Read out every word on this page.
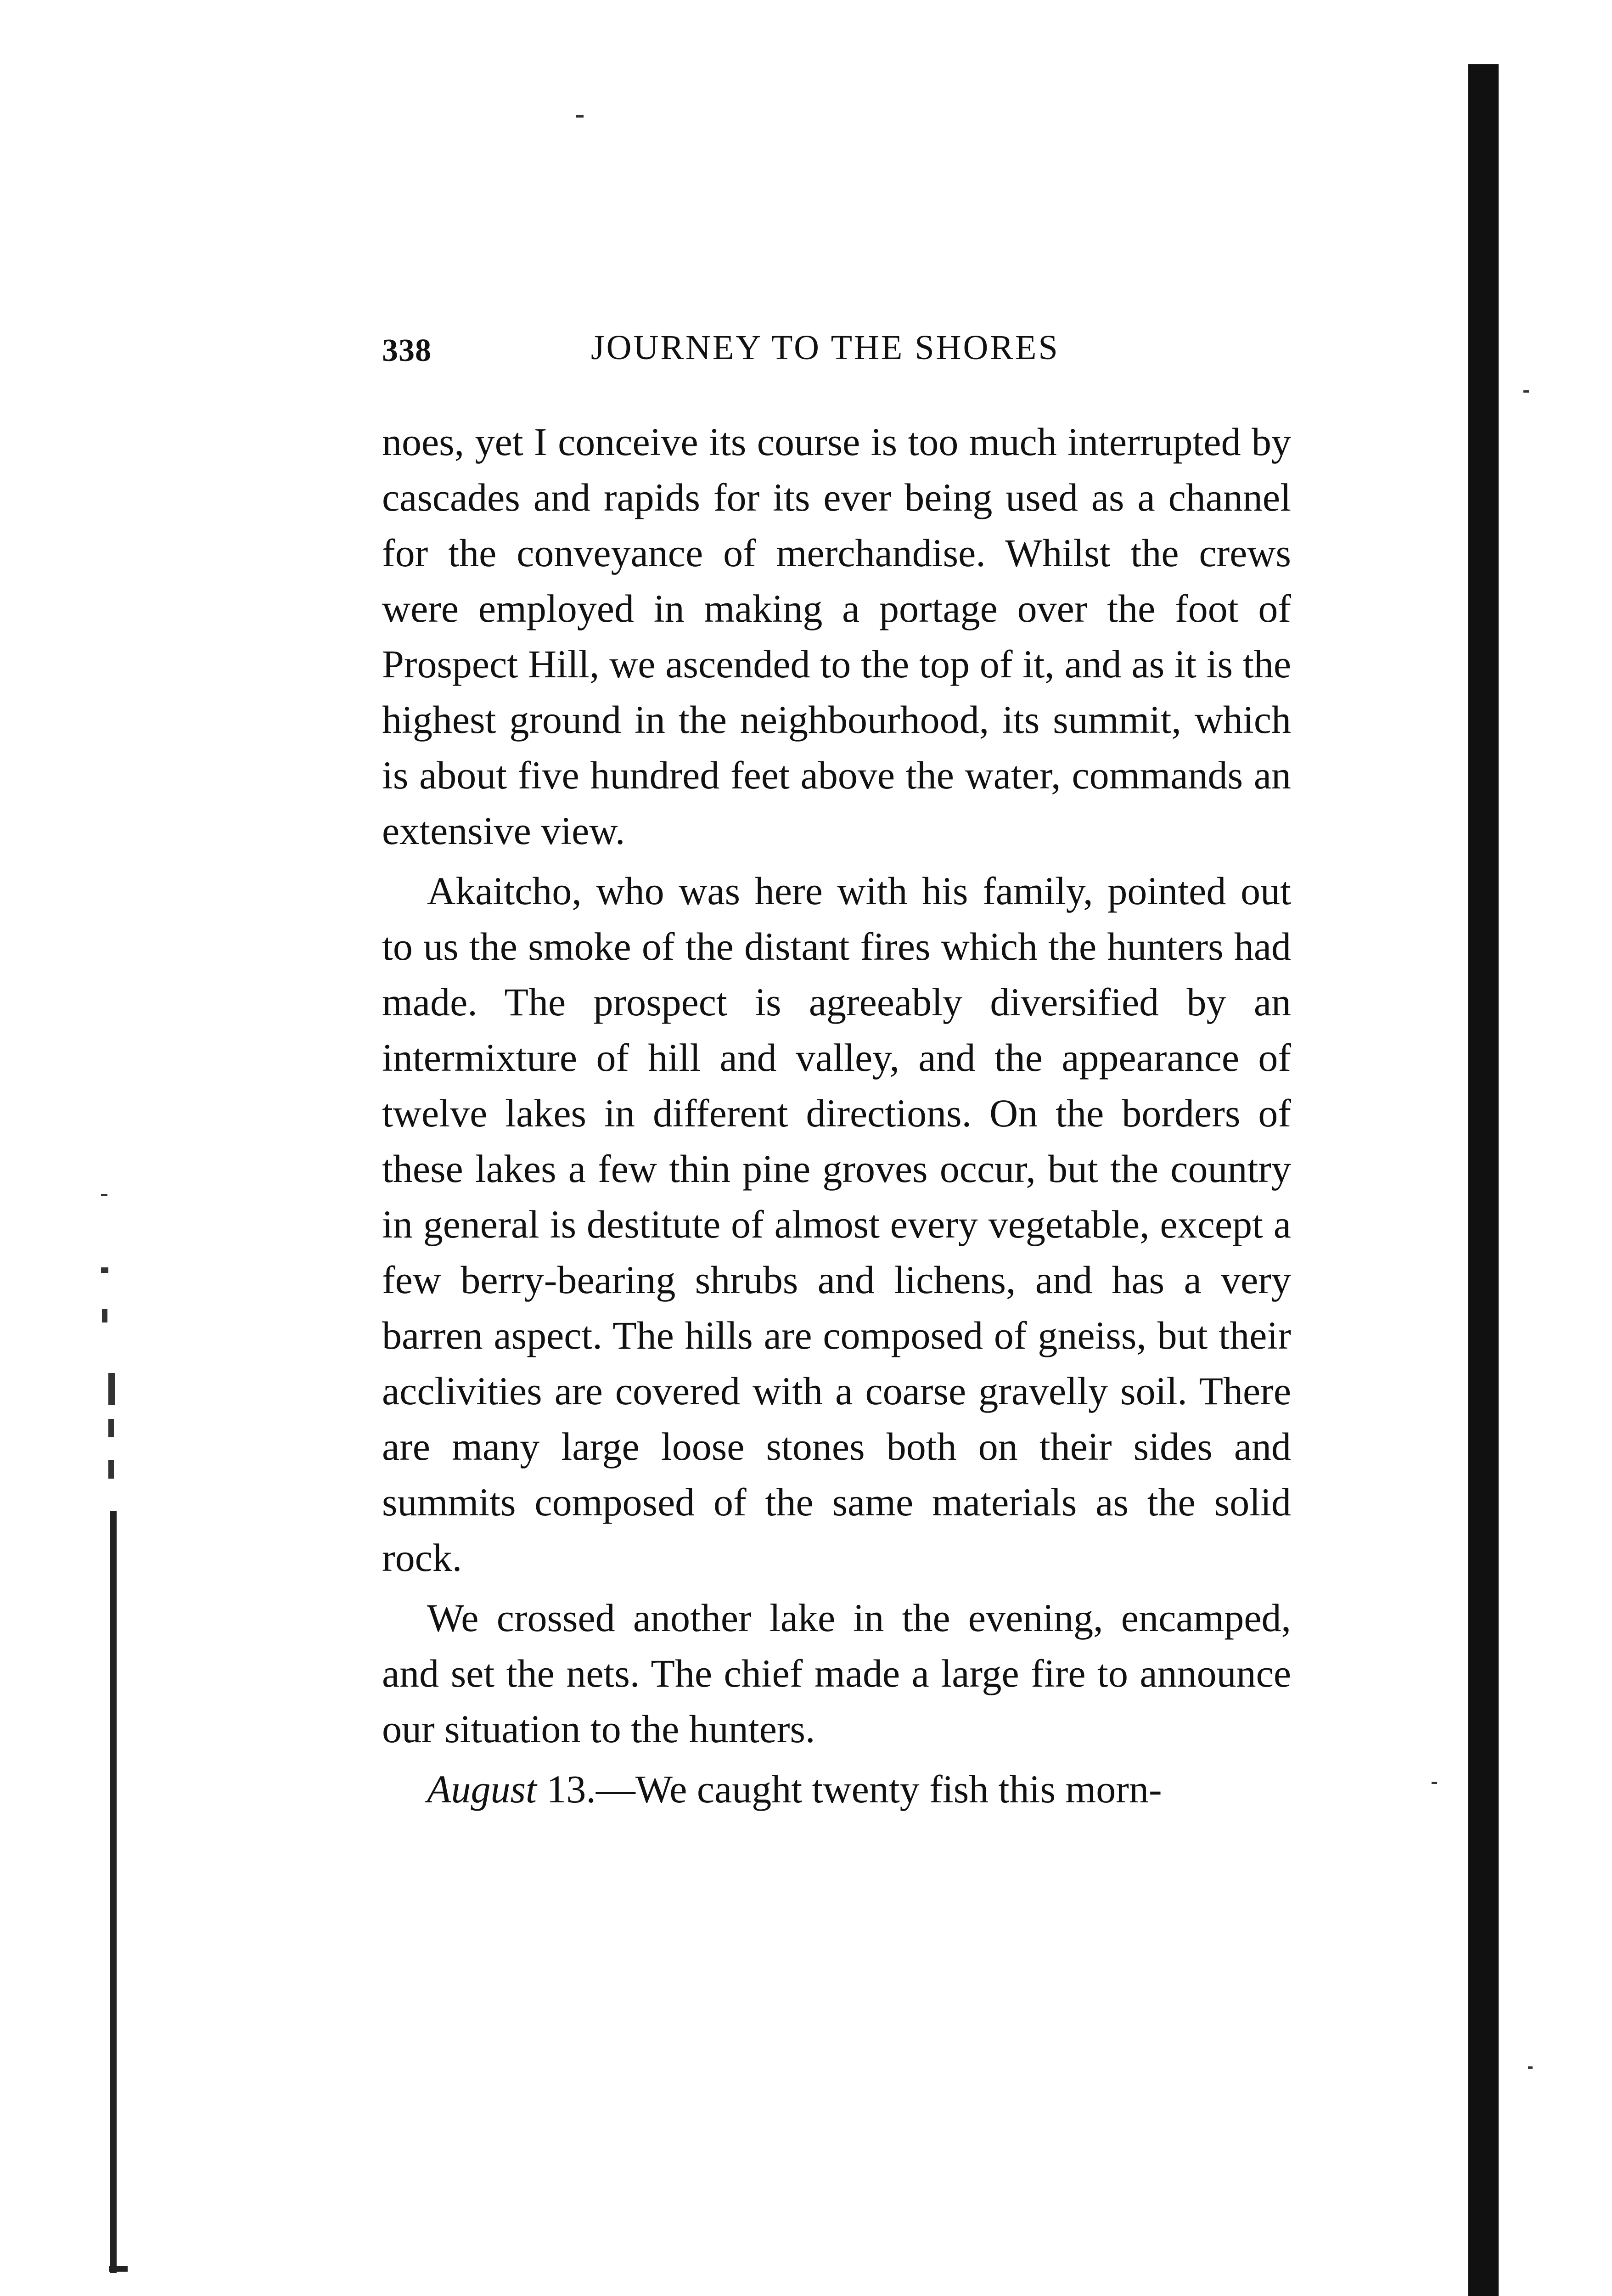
338	JOURNEY TO THE SHORES

noes, yet I conceive its course is too much interrupted by cascades and rapids for its ever being used as a channel for the conveyance of merchandise. Whilst the crews were employed in making a portage over the foot of Prospect Hill, we ascended to the top of it, and as it is the highest ground in the neighbourhood, its summit, which is about five hundred feet above the water, commands an extensive view.

Akaitcho, who was here with his family, pointed out to us the smoke of the distant fires which the hunters had made. The prospect is agreeably diversified by an intermixture of hill and valley, and the appearance of twelve lakes in different directions. On the borders of these lakes a few thin pine groves occur, but the country in general is destitute of almost every vegetable, except a few berry-bearing shrubs and lichens, and has a very barren aspect. The hills are composed of gneiss, but their acclivities are covered with a coarse gravelly soil. There are many large loose stones both on their sides and summits composed of the same materials as the solid rock.

We crossed another lake in the evening, encamped, and set the nets. The chief made a large fire to announce our situation to the hunters.

August 13.—We caught twenty fish this morn-
